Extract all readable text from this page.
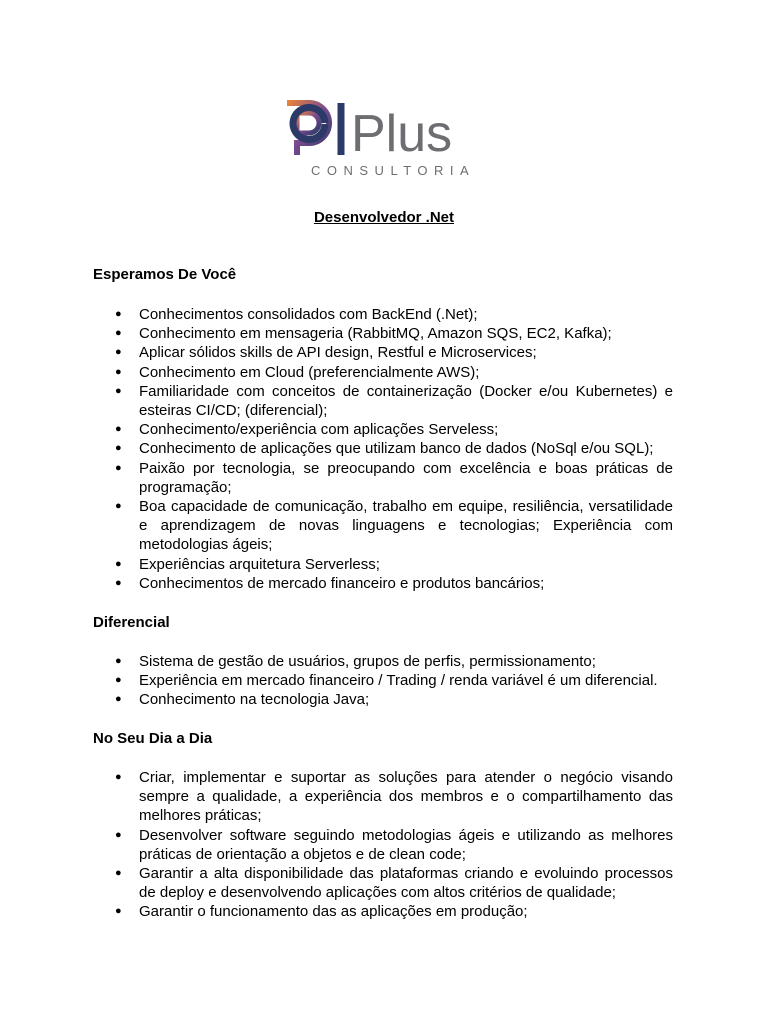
Plus
CONSULTORIA
Desenvolvedor .Net
Esperamos De Você
● Conhecimentos consolidados com BackEnd (.Net);
● Conhecimento em mensageria (RabbitMQ, Amazon SQS, EC2, Kafka);
● Aplicar sólidos skills de API design, Restful e Microservices;
● Conhecimento em Cloud (preferencialmente AWS);
● Familiaridade com conceitos de containerização (Docker e/ou Kubernetes) e esteiras CI/CD; (diferencial);
● Conhecimento/experiência com aplicações Serveless;
● Conhecimento de aplicações que utilizam banco de dados (NoSql e/ou SQL);
● Paixão por tecnologia, se preocupando com excelência e boas práticas de programação;
● Boa capacidade de comunicação, trabalho em equipe, resiliência, versatilidade e aprendizagem de novas linguagens e tecnologias; Experiência com metodologias ágeis;
● Experiências arquitetura Serverless;
● Conhecimentos de mercado financeiro e produtos bancários;
Diferencial
● Sistema de gestão de usuários, grupos de perfis, permissionamento;
● Experiência em mercado financeiro / Trading / renda variável é um diferencial.
● Conhecimento na tecnologia Java;
No Seu Dia a Dia
● Criar, implementar e suportar as soluções para atender o negócio visando sempre a qualidade, a experiência dos membros e o compartilhamento das melhores práticas;
● Desenvolver software seguindo metodologias ágeis e utilizando as melhores práticas de orientação a objetos e de clean code;
● Garantir a alta disponibilidade das plataformas criando e evoluindo processos de deploy e desenvolvendo aplicações com altos critérios de qualidade;
● Garantir o funcionamento das as aplicações em produção;
